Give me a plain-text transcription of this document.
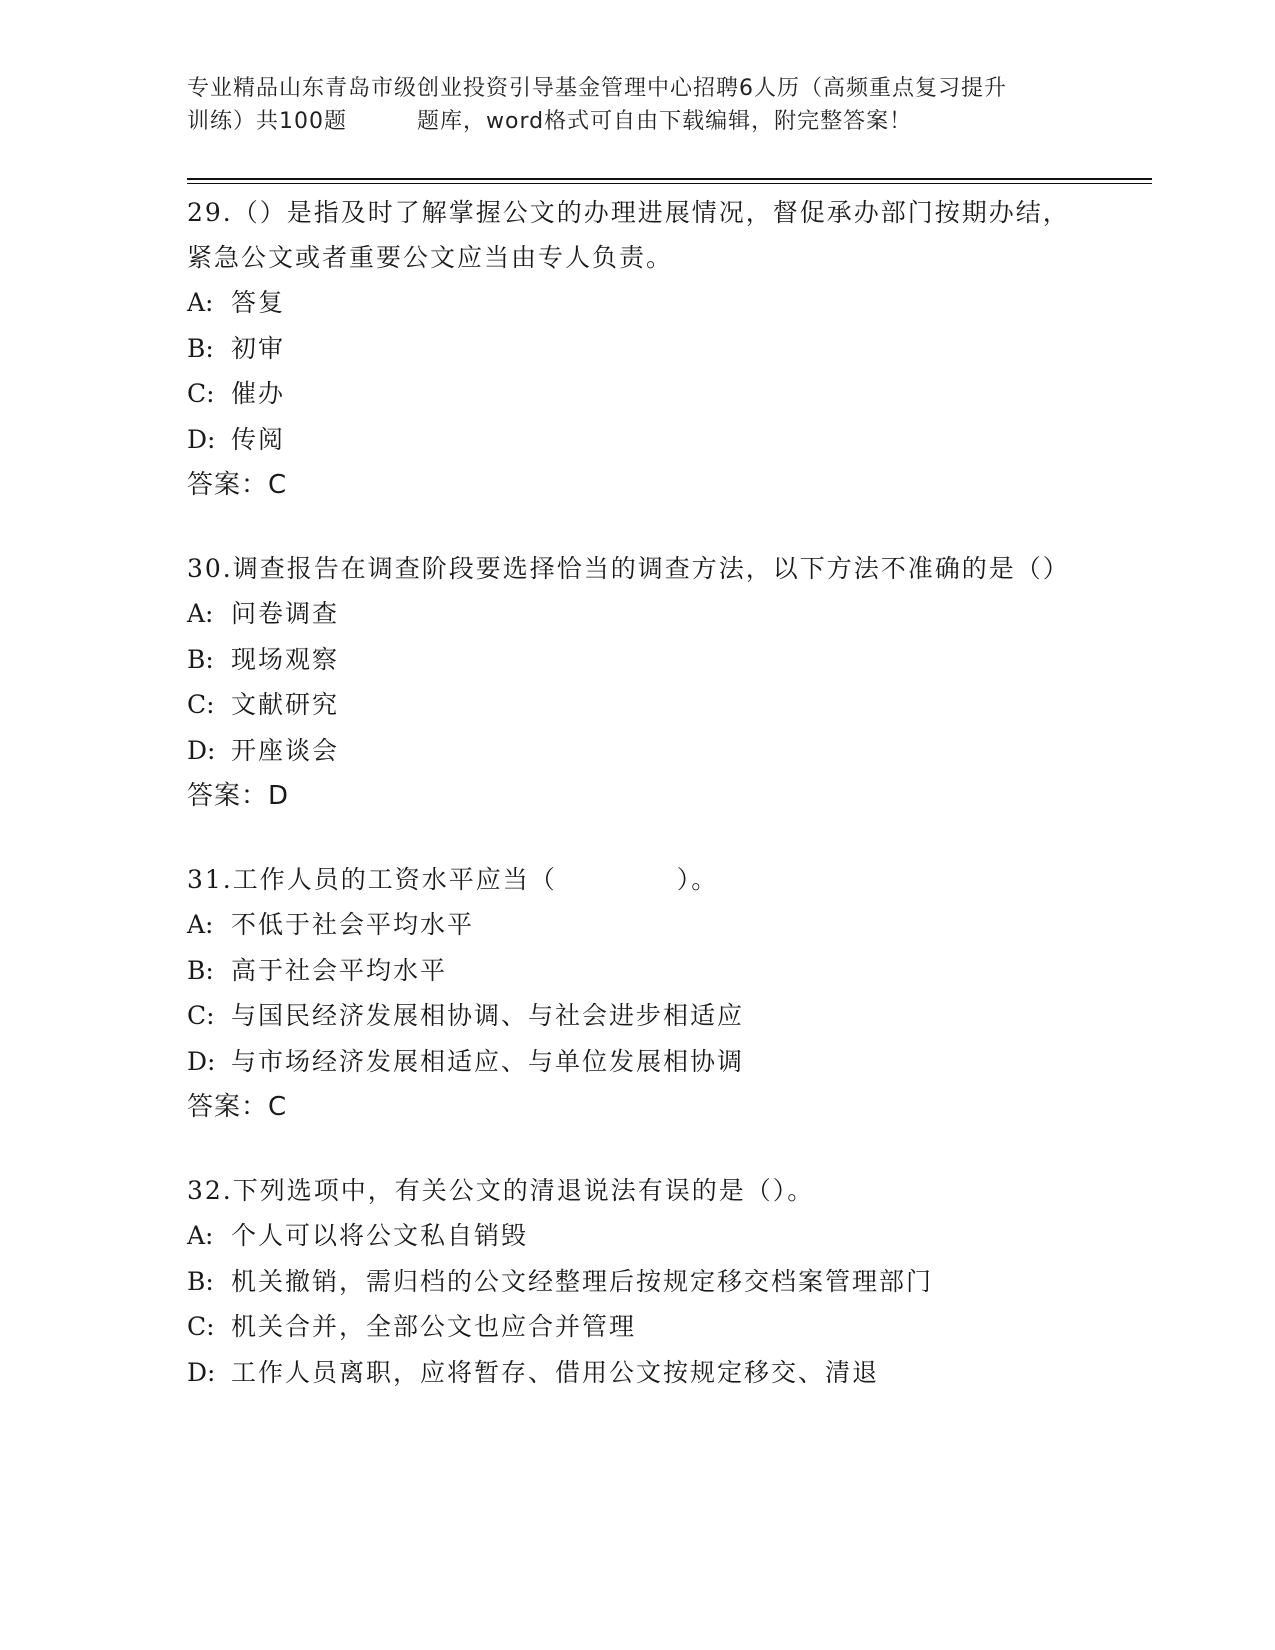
专业精品山东青岛市级创业投资引导基金管理中心招聘6人历（高频重点复习提升
训练）共100题	题库，word格式可自由下载编辑，附完整答案！
29.（）是指及时了解掌握公文的办理进展情况，督促承办部门按期办结，紧急公文或者重要公文应当由专人负责。
A: 答复
B: 初审
C: 催办
D: 传阅
答案：C
30.调查报告在调查阶段要选择恰当的调查方法，以下方法不准确的是（）
A: 问卷调查
B: 现场观察
C: 文献研究
D: 开座谈会
答案：D
31.工作人员的工资水平应当（	）。
A: 不低于社会平均水平
B: 高于社会平均水平
C: 与国民经济发展相协调、与社会进步相适应
D: 与市场经济发展相适应、与单位发展相协调
答案：C
32.下列选项中，有关公文的清退说法有误的是（）。
A: 个人可以将公文私自销毁
B: 机关撤销，需归档的公文经整理后按规定移交档案管理部门
C: 机关合并，全部公文也应合并管理
D: 工作人员离职，应将暂存、借用公文按规定移交、清退
